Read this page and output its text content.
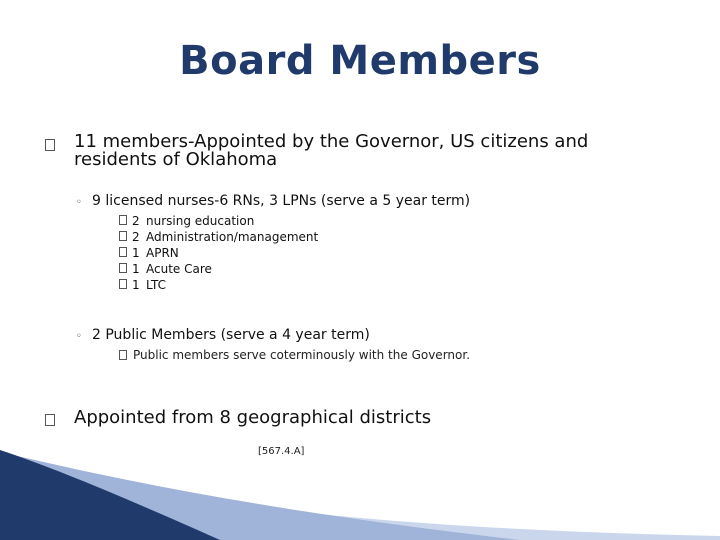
Board Members
11 members-Appointed by the Governor, US citizens and residents of Oklahoma
◦ 9 licensed nurses-6 RNs, 3 LPNs (serve a 5 year term)
2 nursing education
2 Administration/management
1 APRN
1 Acute Care
1 LTC
◦ 2 Public Members (serve a 4 year term)
Public members serve coterminously with the Governor.
Appointed from 8 geographical districts
[567.4.A]
